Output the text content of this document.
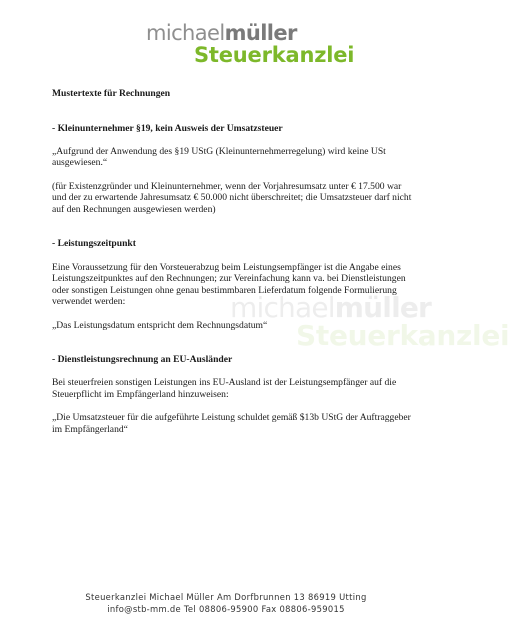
michaelmüller
Steuerkanzlei
michaelmüller
Steuerkanzlei

Mustertexte für Rechnungen

- Kleinunternehmer §19, kein Ausweis der Umsatzsteuer

„Aufgrund der Anwendung des §19 UStG (Kleinunternehmerregelung) wird keine USt ausgewiesen.“

(für Existenzgründer und Kleinunternehmer, wenn der Vorjahresumsatz unter € 17.500 war und der zu erwartende Jahresumsatz € 50.000 nicht überschreitet; die Umsatzsteuer darf nicht auf den Rechnungen ausgewiesen werden)

- Leistungszeitpunkt

Eine Voraussetzung für den Vorsteuerabzug beim Leistungsempfänger ist die Angabe eines Leistungszeitpunktes auf den Rechnungen; zur Vereinfachung kann va. bei Dienstleistungen oder sonstigen Leistungen ohne genau bestimmbaren Lieferdatum folgende Formulierung verwendet werden:

„Das Leistungsdatum entspricht dem Rechnungsdatum“

- Dienstleistungsrechnung an EU-Ausländer

Bei steuerfreien sonstigen Leistungen ins EU-Ausland ist der Leistungsempfänger auf die Steuerpflicht im Empfängerland hinzuweisen:

„Die Umsatzsteuer für die aufgeführte Leistung schuldet gemäß $13b UStG der Auftraggeber im Empfängerland“

Steuerkanzlei Michael Müller Am Dorfbrunnen 13 86919 Utting
info@stb-mm.de Tel 08806-95900 Fax 08806-959015
